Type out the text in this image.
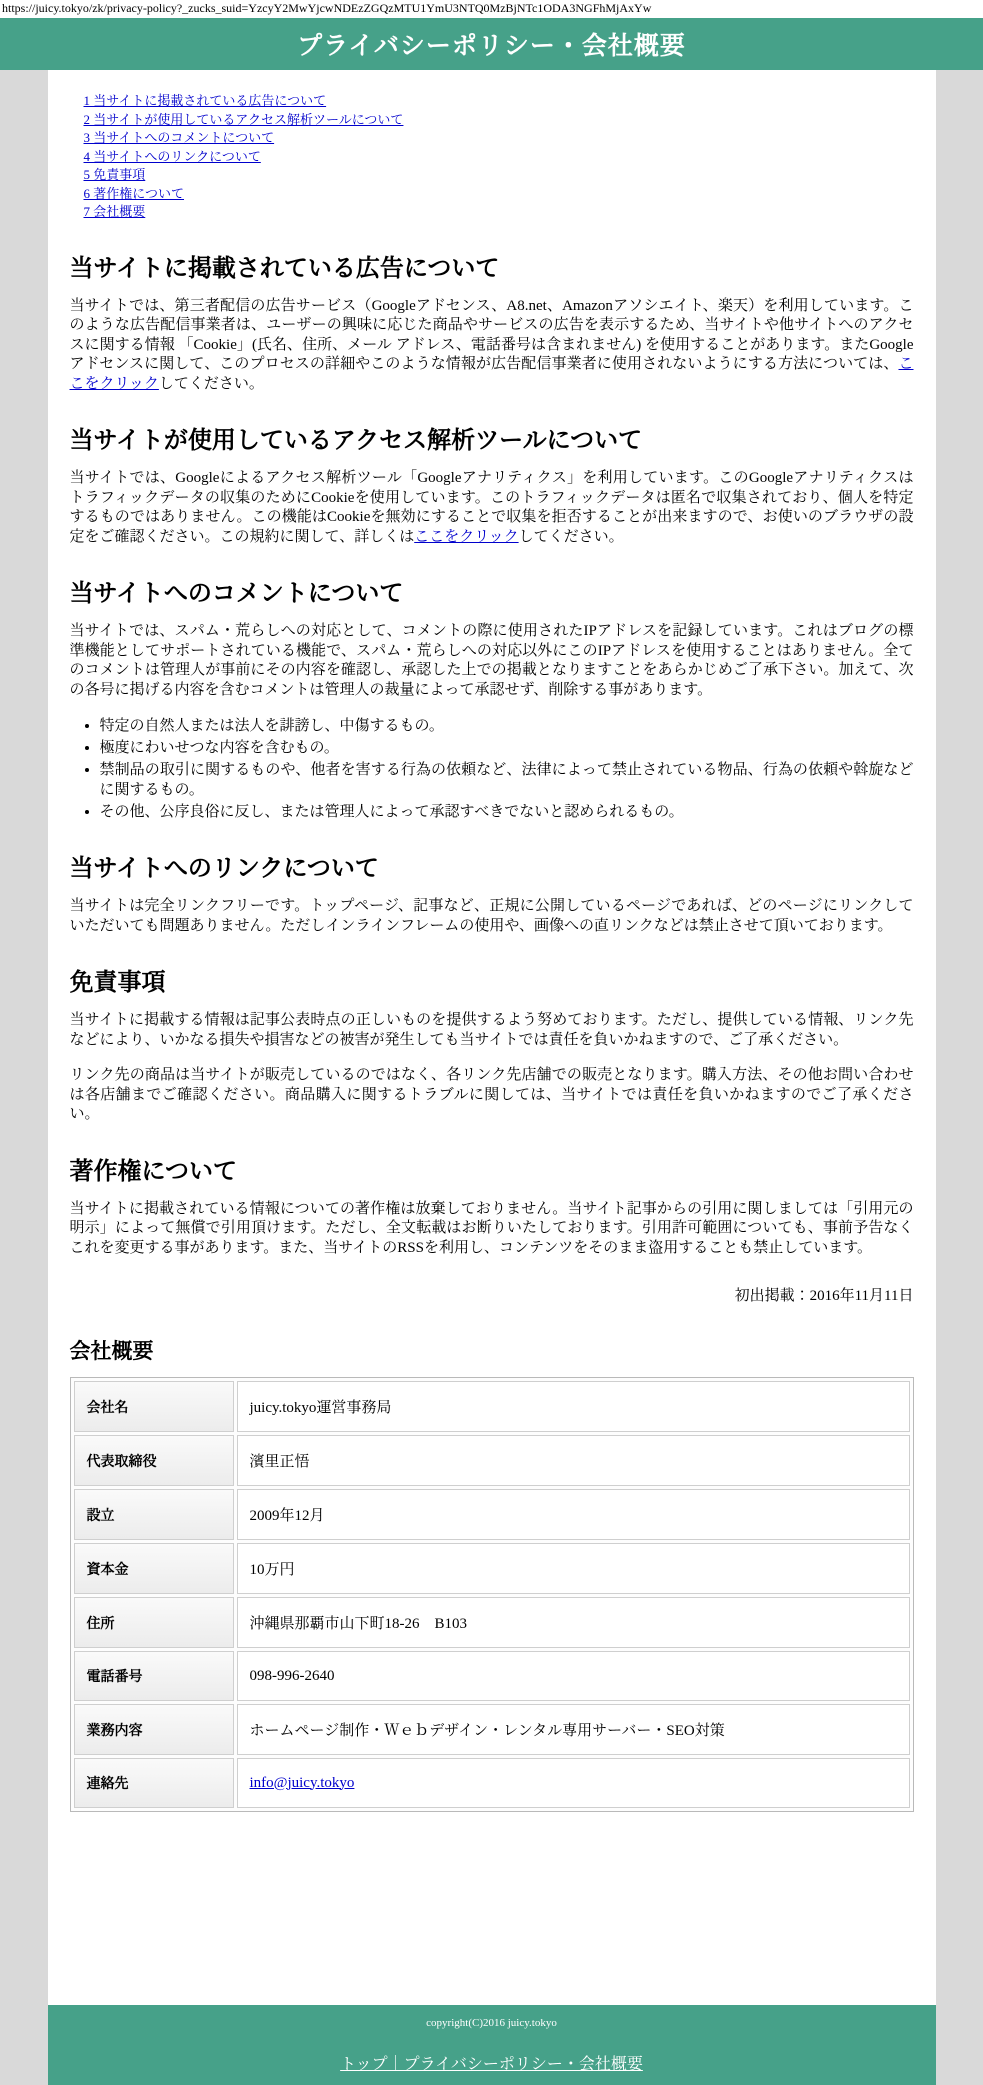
https://juicy.tokyo/zk/privacy-policy?_zucks_suid=YzcyY2MwYjcwNDEzZGQzMTU1YmU3NTQ0MzBjNTc1ODA3NGFhMjAxYw
プライバシーポリシー・会社概要
1 当サイトに掲載されている広告について
2 当サイトが使用しているアクセス解析ツールについて
3 当サイトへのコメントについて
4 当サイトへのリンクについて
5 免責事項
6 著作権について
7 会社概要
当サイトに掲載されている広告について

当サイトでは、第三者配信の広告サービス（Googleアドセンス、A8.net、Amazonアソシエイト、楽天）を利用しています。このような広告配信事業者は、ユーザーの興味に応じた商品やサービスの広告を表示するため、当サイトや他サイトへのアクセスに関する情報 「Cookie」(氏名、住所、メール アドレス、電話番号は含まれません) を使用することがあります。またGoogleアドセンスに関して、このプロセスの詳細やこのような情報が広告配信事業者に使用されないようにする方法については、ここをクリックしてください。

当サイトが使用しているアクセス解析ツールについて

当サイトでは、Googleによるアクセス解析ツール「Googleアナリティクス」を利用しています。このGoogleアナリティクスはトラフィックデータの収集のためにCookieを使用しています。このトラフィックデータは匿名で収集されており、個人を特定するものではありません。この機能はCookieを無効にすることで収集を拒否することが出来ますので、お使いのブラウザの設定をご確認ください。この規約に関して、詳しくはここをクリックしてください。

当サイトへのコメントについて

当サイトでは、スパム・荒らしへの対応として、コメントの際に使用されたIPアドレスを記録しています。これはブログの標準機能としてサポートされている機能で、スパム・荒らしへの対応以外にこのIPアドレスを使用することはありません。全てのコメントは管理人が事前にその内容を確認し、承認した上での掲載となりますことをあらかじめご了承下さい。加えて、次の各号に掲げる内容を含むコメントは管理人の裁量によって承認せず、削除する事があります。

• 特定の自然人または法人を誹謗し、中傷するもの。
• 極度にわいせつな内容を含むもの。
• 禁制品の取引に関するものや、他者を害する行為の依頼など、法律によって禁止されている物品、行為の依頼や斡旋などに関するもの。
• その他、公序良俗に反し、または管理人によって承認すべきでないと認められるもの。
当サイトへのリンクについて

当サイトは完全リンクフリーです。トップページ、記事など、正規に公開しているページであれば、どのページにリンクしていただいても問題ありません。ただしインラインフレームの使用や、画像への直リンクなどは禁止させて頂いております。

免責事項

当サイトに掲載する情報は記事公表時点の正しいものを提供するよう努めております。ただし、提供している情報、リンク先などにより、いかなる損失や損害などの被害が発生しても当サイトでは責任を負いかねますので、ご了承ください。

リンク先の商品は当サイトが販売しているのではなく、各リンク先店舗での販売となります。購入方法、その他お問い合わせは各店舗までご確認ください。商品購入に関するトラブルに関しては、当サイトでは責任を負いかねますのでご了承ください。

著作権について

当サイトに掲載されている情報についての著作権は放棄しておりません。当サイト記事からの引用に関しましては「引用元の明示」によって無償で引用頂けます。ただし、全文転載はお断りいたしております。引用許可範囲についても、事前予告なくこれを変更する事があります。また、当サイトのRSSを利用し、コンテンツをそのまま盗用することも禁止しています。

初出掲載：2016年11月11日

会社概要
会社名	juicy.tokyo運営事務局
代表取締役	濱里正悟
設立	2009年12月
資本金	10万円
住所	沖縄県那覇市山下町18-26　B103
電話番号	098-996-2640
業務内容	ホームページ制作・Ｗｅｂデザイン・レンタル専用サーバー・SEO対策
連絡先	info@juicy.tokyo
copyright(C)2016 juicy.tokyo
トップ｜プライバシーポリシー・会社概要
